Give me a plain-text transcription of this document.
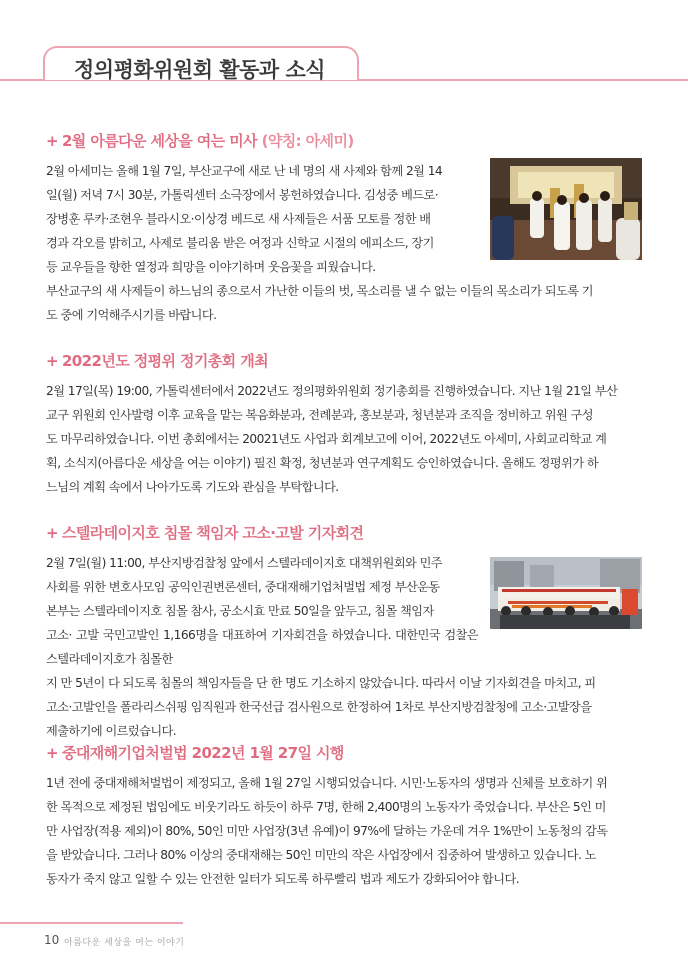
정의평화위원회 활동과 소식
+ 2월 아름다운 세상을 여는 미사 (약칭: 아세미)

2월 아세미는 올해 1월 7일, 부산교구에 새로 난 네 명의 새 사제와 함께 2월 14
일(월) 저녁 7시 30분, 가톨릭센터 소극장에서 봉헌하였습니다. 김성중 베드로·
장병훈 루카·조현우 블라시오·이상경 베드로 새 사제들은 서품 모토를 정한 배
경과 각오를 밝히고, 사제로 불리움 받은 여정과 신학교 시절의 에피소드, 장기
등 교우들을 향한 열정과 희망을 이야기하며 웃음꽃을 피웠습니다.
부산교구의 새 사제들이 하느님의 종으로서 가난한 이들의 벗, 목소리를 낼 수 없는 이들의 목소리가 되도록 기
도 중에 기억해주시기를 바랍니다.

+ 2022년도 정평위 정기총회 개최

2월 17일(목) 19:00, 가톨릭센터에서 2022년도 정의평화위원회 정기총회를 진행하였습니다. 지난 1월 21일 부산
교구 위원회 인사발령 이후 교육을 맡는 복음화분과, 전례분과, 홍보분과, 청년분과 조직을 정비하고 위원 구성
도 마무리하였습니다. 이번 총회에서는 20021년도 사업과 회계보고에 이어, 2022년도 아세미, 사회교리학교 계
획, 소식지(아름다운 세상을 여는 이야기) 필진 확정, 청년분과 연구계획도 승인하였습니다. 올해도 정평위가 하
느님의 계획 속에서 나아가도록 기도와 관심을 부탁합니다.

+ 스텔라데이지호 침몰 책임자 고소·고발 기자회견

2월 7일(월) 11:00, 부산지방검찰청 앞에서 스텔라데이지호 대책위원회와 민주
사회를 위한 변호사모임 공익인권변론센터, 중대재해기업처벌법 제정 부산운동
본부는 스텔라데이지호 침몰 참사, 공소시효 만료 50일을 앞두고, 침몰 책임자
고소· 고발 국민고발인 1,166명을 대표하여 기자회견을 하였습니다. 대한민국 검찰은 스텔라데이지호가 침몰한
지 만 5년이 다 되도록 침몰의 책임자들을 단 한 명도 기소하지 않았습니다. 따라서 이날 기자회견을 마치고, 피
고소·고발인을 폴라리스쉬핑 임직원과 한국선급 검사원으로 한정하여 1차로 부산지방검찰청에 고소·고발장을
제출하기에 이르렀습니다.

+ 중대재해기업처벌법 2022년 1월 27일 시행

1년 전에 중대재해처벌법이 제정되고, 올해 1월 27일 시행되었습니다. 시민·노동자의 생명과 신체를 보호하기 위
한 목적으로 제정된 법임에도 비웃기라도 하듯이 하루 7명, 한해 2,400명의 노동자가 죽었습니다. 부산은 5인 미
만 사업장(적용 제외)이 80%, 50인 미만 사업장(3년 유예)이 97%에 달하는 가운데 겨우 1%만이 노동청의 감독
을 받았습니다. 그러나 80% 이상의 중대재해는 50인 미만의 작은 사업장에서 집중하여 발생하고 있습니다. 노
동자가 죽지 않고 일할 수 있는 안전한 일터가 되도록 하루빨리 법과 제도가 강화되어야 합니다.

10 아름다운 세상을 여는 이야기
